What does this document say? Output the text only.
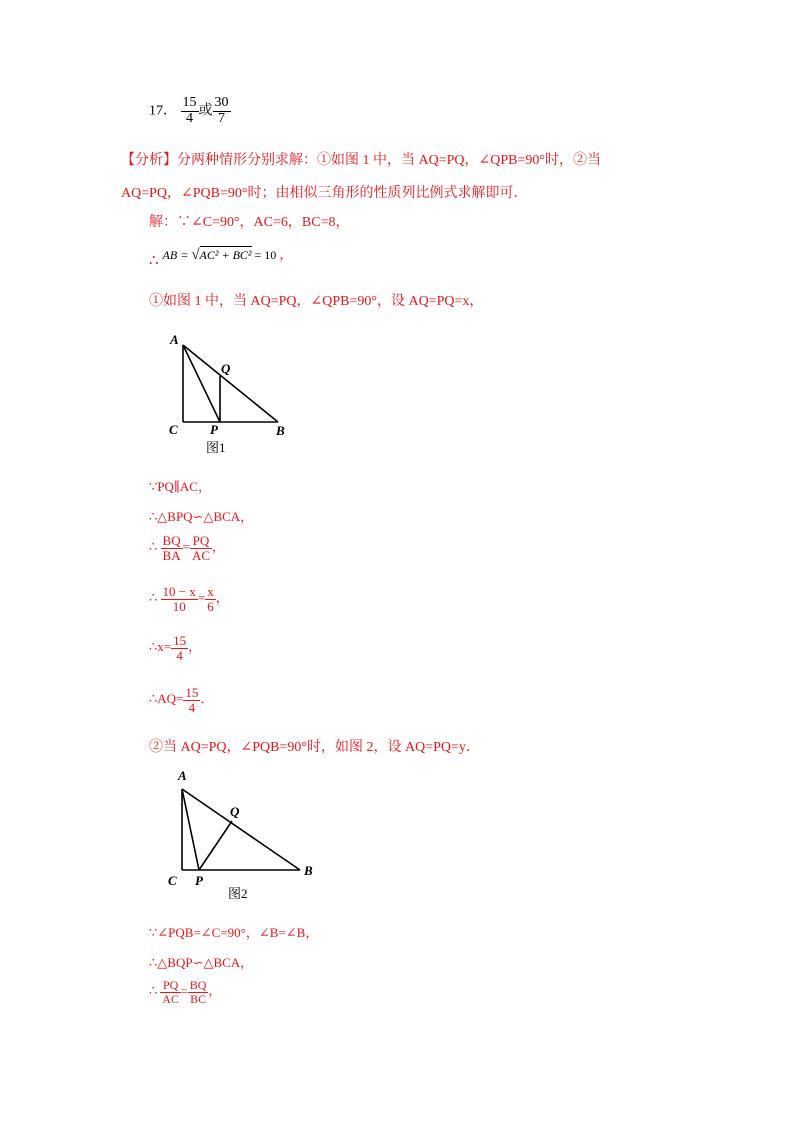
17． $\frac{15}{4}$ 或 $\frac{30}{7}$
【分析】分两种情形分别求解：①如图 1 中，当 AQ=PQ，∠QPB=90°时，②当
AQ=PQ，∠PQB=90°时；由相似三角形的性质列比例式求解即可．
解：∵∠C=90°，AC=6，BC=8，
∴ AB = √AC² + BC² = 10 ，
①如图 1 中，当 AQ=PQ，∠QPB=90°，设 AQ=PQ=x，
A
Q
C P	B
图1
∵PQ∥AC，
∴△BPQ∽△BCA，
∴ $\frac{BQ}{BA} = \frac{PQ}{AC}$ ，
∴ $\frac{10 - x}{10} = \frac{x}{6}$ ，
∴x= $\frac{15}{4}$ ，
∴AQ= $\frac{15}{4}$ ．
②当 AQ=PQ，∠PQB=90°时，如图 2，设 AQ=PQ=y．
A
Q
C P
B
图2
∵∠PQB=∠C=90°，∠B=∠B，
∴△BQP∽△BCA，
∴ $\frac{PQ}{AC} = \frac{BQ}{BC}$ ，
